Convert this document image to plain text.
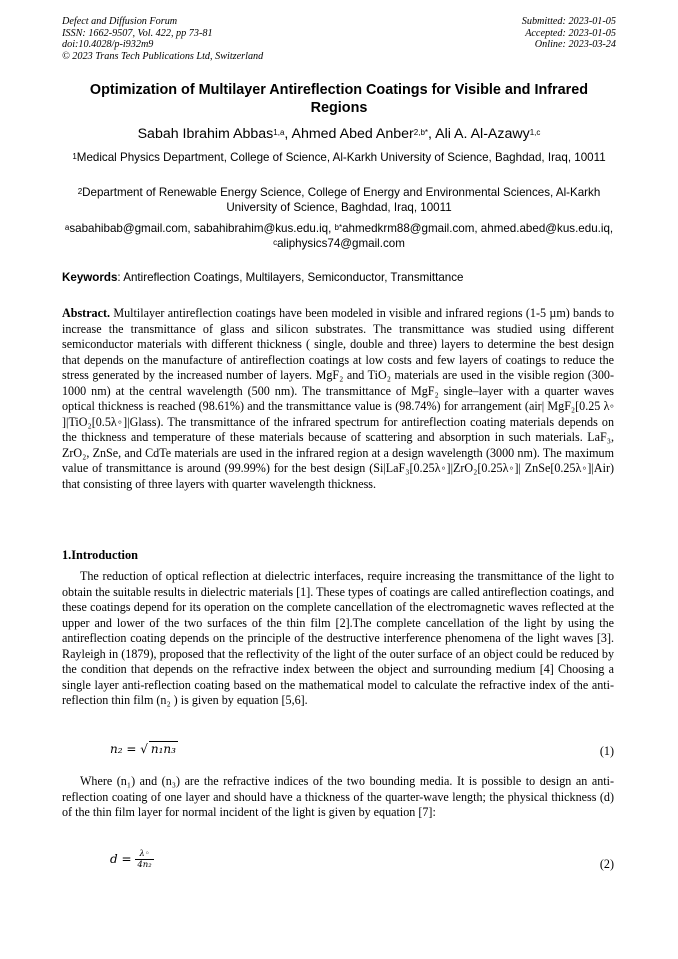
Defect and Diffusion Forum
ISSN: 1662-9507, Vol. 422, pp 73-81
doi:10.4028/p-i932m9
© 2023 Trans Tech Publications Ltd, Switzerland
Submitted: 2023-01-05
Accepted: 2023-01-05
Online: 2023-03-24
Optimization of Multilayer Antireflection Coatings for Visible and Infrared Regions
Sabah Ibrahim Abbas$^{1,a}$, Ahmed Abed Anber$^{2,b*}$, Ali A. Al-Azawy$^{1,c}$
$^1$Medical Physics Department, College of Science, Al-Karkh University of Science, Baghdad, Iraq, 10011
$^2$Department of Renewable Energy Science, College of Energy and Environmental Sciences, Al-Karkh University of Science, Baghdad, Iraq, 10011
$^a$sabahibab@gmail.com, sabahibrahim@kus.edu.iq, $^{b*}$ahmedkrm88@gmail.com, ahmed.abed@kus.edu.iq, $^c$aliphysics74@gmail.com
Keywords: Antireflection Coatings, Multilayers, Semiconductor, Transmittance
Abstract. Multilayer antireflection coatings have been modeled in visible and infrared regions (1-5 µm) bands to increase the transmittance of glass and silicon substrates. The transmittance was studied using different semiconductor materials with different thickness ( single, double and three) layers to determine the best design that depends on the manufacture of antireflection coatings at low costs and few layers of coatings to reduce the stress generated by the increased number of layers. MgF₂ and TiO₂ materials are used in the visible region (300-1000 nm) at the central wavelength (500 nm). The transmittance of MgF₂ single–layer with a quarter waves optical thickness is reached (98.61%) and the transmittance value is (98.74%) for arrangement (air| MgF₂[0.25 λ◦ ]|TiO₂[0.5λ◦]|Glass). The transmittance of the infrared spectrum for antireflection coating materials depends on the thickness and temperature of these materials because of scattering and absorption in such materials. LaF₃, ZrO₂, ZnSe, and CdTe materials are used in the infrared region at a design wavelength (3000 nm). The maximum value of transmittance is around (99.99%) for the best design (Si|LaF₃[0.25λ◦]|ZrO₂[0.25λ◦]| ZnSe[0.25λ◦]|Air) that consisting of three layers with quarter wavelength thickness.
1.Introduction
The reduction of optical reflection at dielectric interfaces, require increasing the transmittance of the light to obtain the suitable results in dielectric materials [1]. These types of coatings are called antireflection coatings, and these coatings depend for its operation on the complete cancellation of the electromagnetic waves reflected at the upper and lower of the two surfaces of the thin film [2].The complete cancellation of the light by using the antireflection coating depends on the principle of the destructive interference phenomena of the light waves [3]. Rayleigh in (1879), proposed that the reflectivity of the light of the outer surface of an object could be reduced by the condition that depends on the refractive index between the object and surrounding medium [4] Choosing a single layer anti-reflection coating based on the mathematical model to calculate the refractive index of the anti-reflection thin film (n₂ ) is given by equation [5,6].
n₂ = √ n₁n₃	(1)
Where (n₁) and (n₃) are the refractive indices of the two bounding media. It is possible to design an anti-reflection coating of one layer and should have a thickness of the quarter-wave length; the physical thickness (d) of the thin film layer for normal incident of the light is given by equation [7]:
$d = \frac{\lambda◦}{\text{4n₂}}$	(2)
